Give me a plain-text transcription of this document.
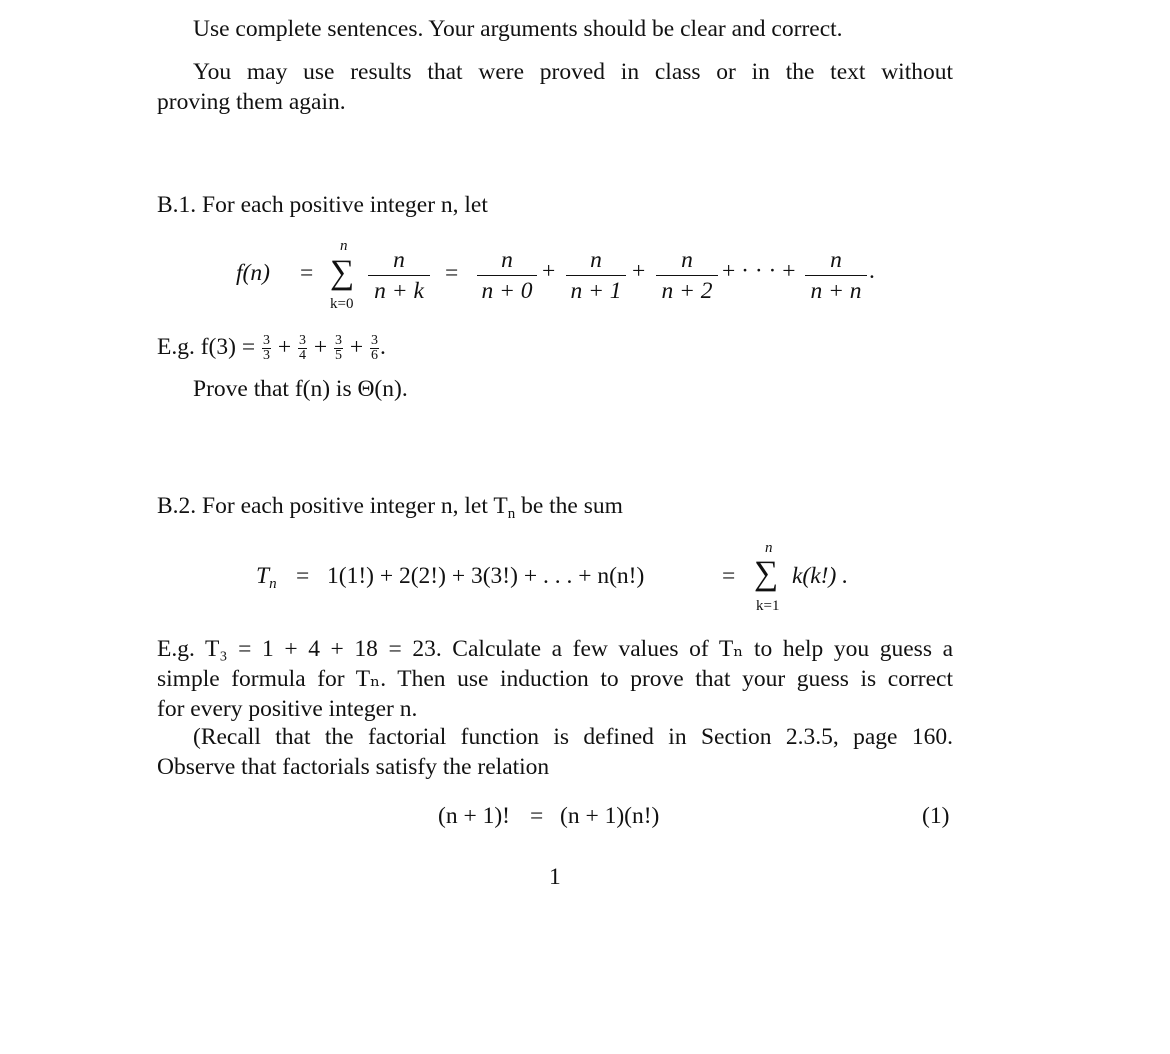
Use complete sentences. Your arguments should be clear and correct.
You may use results that were proved in class or in the text without
proving them again.
B.1. For each positive integer n, let
f(n) =
n
∑
k=0
n
n + k
=	n
n + 0
+	n
n + 1
+	n
n + 2
+ · · · +	n
n + n
.
E.g. $f(3) = \frac{3}{3} + \frac{3}{4} + \frac{3}{5} + \frac{3}{6}$ .
Prove that f(n) is Θ(n).
B.2. For each positive integer n, let $T_n$ be the sum
$T_n = 1(1!) + 2(2!) + 3(3!)$ + . . . + n(n!)	=
n
∑
k=1
k(k!) .
E.g. T₃ = 1 + 4 + 18 = 23. Calculate a few values of Tₙ to help you guess a
simple formula for Tₙ. Then use induction to prove that your guess is correct
for every positive integer n.
(Recall that the factorial function is defined in Section 2.3.5, page 160.
Observe that factorials satisfy the relation
(n + 1)! = (n + 1)(n!)	(1)
1
